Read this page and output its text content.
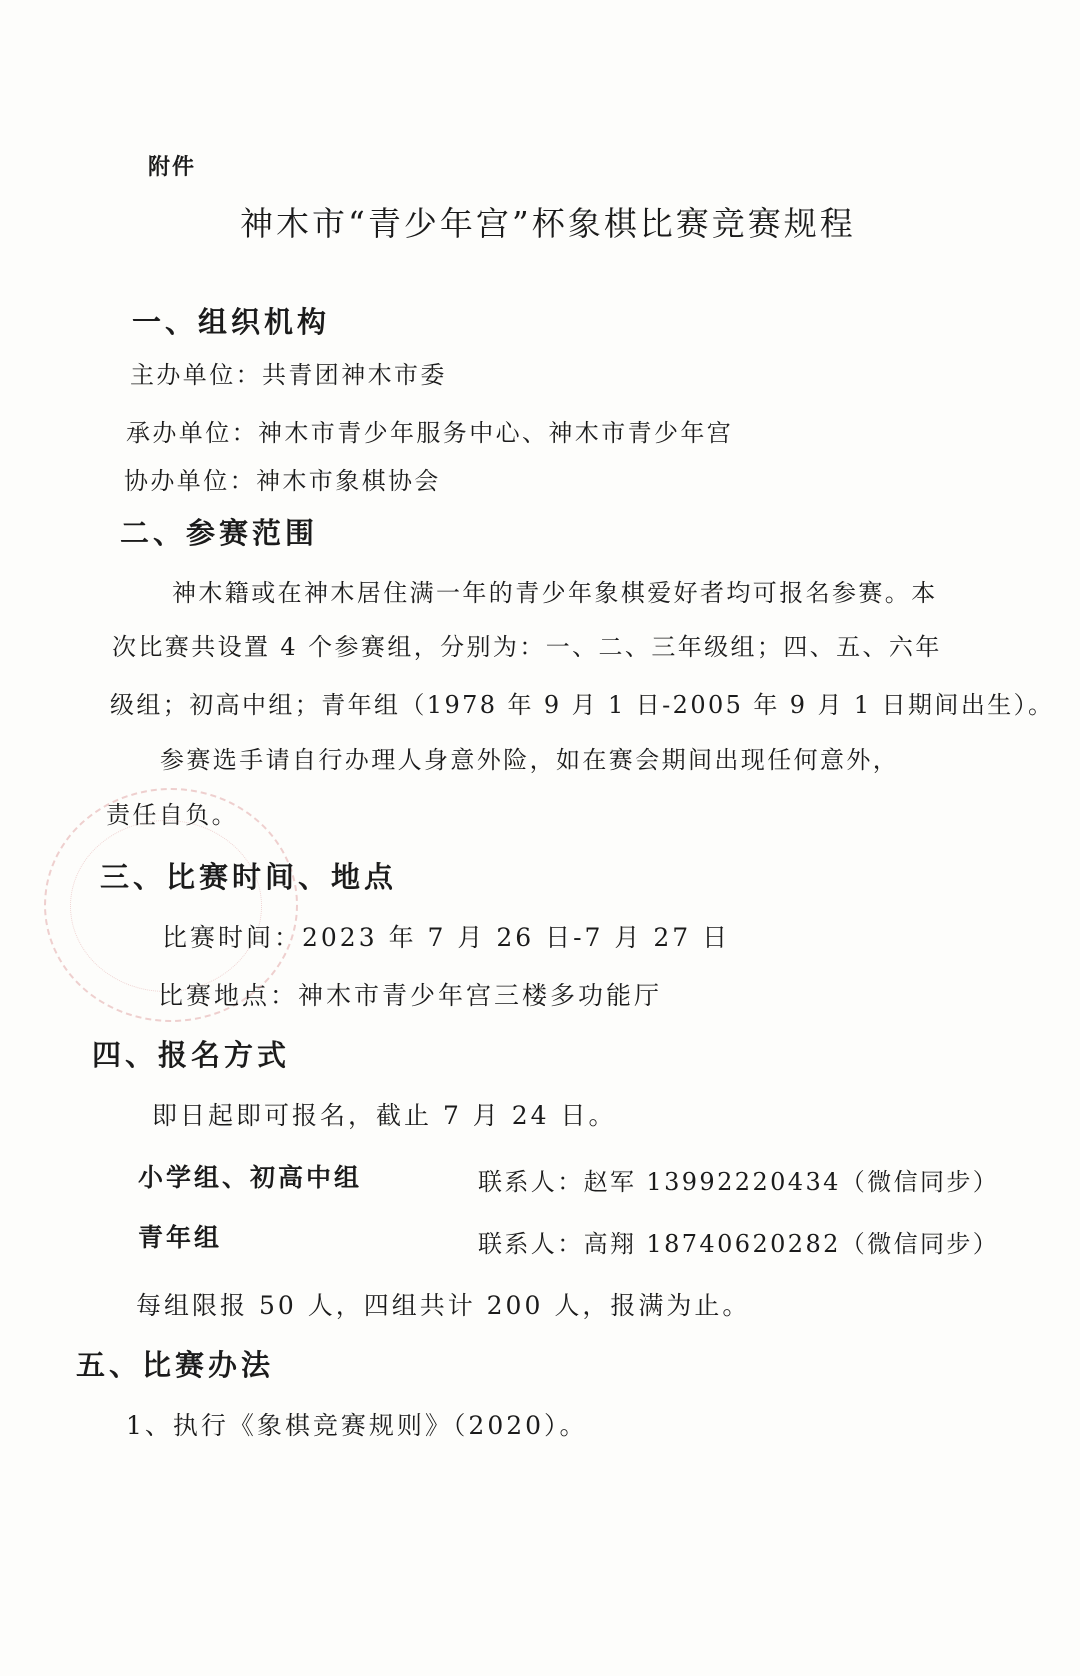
附件
神木市“青少年宫”杯象棋比赛竞赛规程
一、组织机构
主办单位：共青团神木市委
承办单位：神木市青少年服务中心、神木市青少年宫
协办单位：神木市象棋协会
二、参赛范围
神木籍或在神木居住满一年的青少年象棋爱好者均可报名参赛。本
次比赛共设置 4 个参赛组，分别为：一、二、三年级组；四、五、六年
级组；初高中组；青年组（1978 年 9 月 1 日-2005 年 9 月 1 日期间出生）。
参赛选手请自行办理人身意外险，如在赛会期间出现任何意外，
责任自负。
三、比赛时间、地点
比赛时间：2023 年 7 月 26 日-7 月 27 日
比赛地点：神木市青少年宫三楼多功能厅
四、报名方式
即日起即可报名，截止 7 月 24 日。
小学组、初高中组	联系人：赵军 13992220434（微信同步）
青年组	联系人：高翔 18740620282（微信同步）
每组限报 50 人，四组共计 200 人，报满为止。
五、比赛办法
1、执行《象棋竞赛规则》（2020）。
